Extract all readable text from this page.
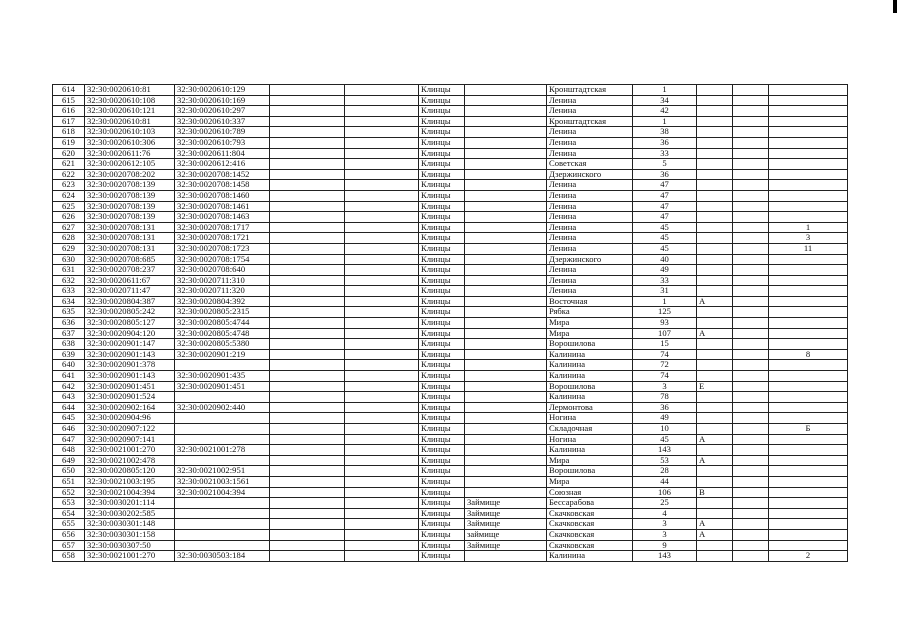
614	32:30:0020610:81	32:30:0020610:129			Клинцы		Кронштадтская	1			
615	32:30:0020610:108	32:30:0020610:169			Клинцы		Ленина	34			
616	32:30:0020610:121	32:30:0020610:297			Клинцы		Ленина	42			
617	32:30:0020610:81	32:30:0020610:337			Клинцы		Кронштадтская	1			
618	32:30:0020610:103	32:30:0020610:789			Клинцы		Ленина	38			
619	32:30:0020610:306	32:30:0020610:793			Клинцы		Ленина	36			
620	32:30:0020611:76	32:30:0020611:804			Клинцы		Ленина	33			
621	32:30:0020612:105	32:30:0020612:416			Клинцы		Советская	5			
622	32:30:0020708:202	32:30:0020708:1452			Клинцы		Дзержинского	36			
623	32:30:0020708:139	32:30:0020708:1458			Клинцы		Ленина	47			
624	32:30:0020708:139	32:30:0020708:1460			Клинцы		Ленина	47			
625	32:30:0020708:139	32:30:0020708:1461			Клинцы		Ленина	47			
626	32:30:0020708:139	32:30:0020708:1463			Клинцы		Ленина	47			
627	32:30:0020708:131	32:30:0020708:1717			Клинцы		Ленина	45			1
628	32:30:0020708:131	32:30:0020708:1721			Клинцы		Ленина	45			3
629	32:30:0020708:131	32:30:0020708:1723			Клинцы		Ленина	45			11
630	32:30:0020708:685	32:30:0020708:1754			Клинцы		Дзержинского	40			
631	32:30:0020708:237	32:30:0020708:640			Клинцы		Ленина	49			
632	32:30:0020611:67	32:30:0020711:310			Клинцы		Ленина	33			
633	32:30:0020711:47	32:30:0020711:320			Клинцы		Ленина	31			
634	32:30:0020804:387	32:30:0020804:392			Клинцы		Восточная	1	А		
635	32:30:0020805:242	32:30:0020805:2315			Клинцы		Рябка	125			
636	32:30:0020805:127	32:30:0020805:4744			Клинцы		Мира	93			
637	32:30:0020904:120	32:30:0020805:4748			Клинцы		Мира	107	А		
638	32:30:0020901:147	32:30:0020805:5380			Клинцы		Ворошилова	15			
639	32:30:0020901:143	32:30:0020901:219			Клинцы		Калинина	74			8
640	32:30:0020901:378				Клинцы		Калинина	72			
641	32:30:0020901:143	32:30:0020901:435			Клинцы		Калинина	74			
642	32:30:0020901:451	32:30:0020901:451			Клинцы		Ворошилова	3	Е		
643	32:30:0020901:524				Клинцы		Калинина	78			
644	32:30:0020902:164	32:30:0020902:440			Клинцы		Лермонтова	36			
645	32:30:0020904:96				Клинцы		Ногина	49			
646	32:30:0020907:122				Клинцы		Складочная	10			Б
647	32:30:0020907:141				Клинцы		Ногина	45	А		
648	32:30:0021001:270	32:30:0021001:278			Клинцы		Калинина	143			
649	32:30:0021002:478				Клинцы		Мира	53	А		
650	32:30:0020805:120	32:30:0021002:951			Клинцы		Ворошилова	28			
651	32:30:0021003:195	32:30:0021003:1561			Клинцы		Мира	44			
652	32:30:0021004:394	32:30:0021004:394			Клинцы		Союзная	106	В		
653	32:30:0030201:114				Клинцы	Займище	Бессарабова	25			
654	32:30:0030202:585				Клинцы	Займище	Скачковская	4			
655	32:30:0030301:148				Клинцы	Займище	Скачковская	3	А		
656	32:30:0030301:158				Клинцы	займище	Скачковская	3	А		
657	32:30:0030307:50				Клинцы	Займище	Скачковская	9			
658	32:30:0021001:270	32:30:0030503:184			Клинцы		Калинина	143			2
